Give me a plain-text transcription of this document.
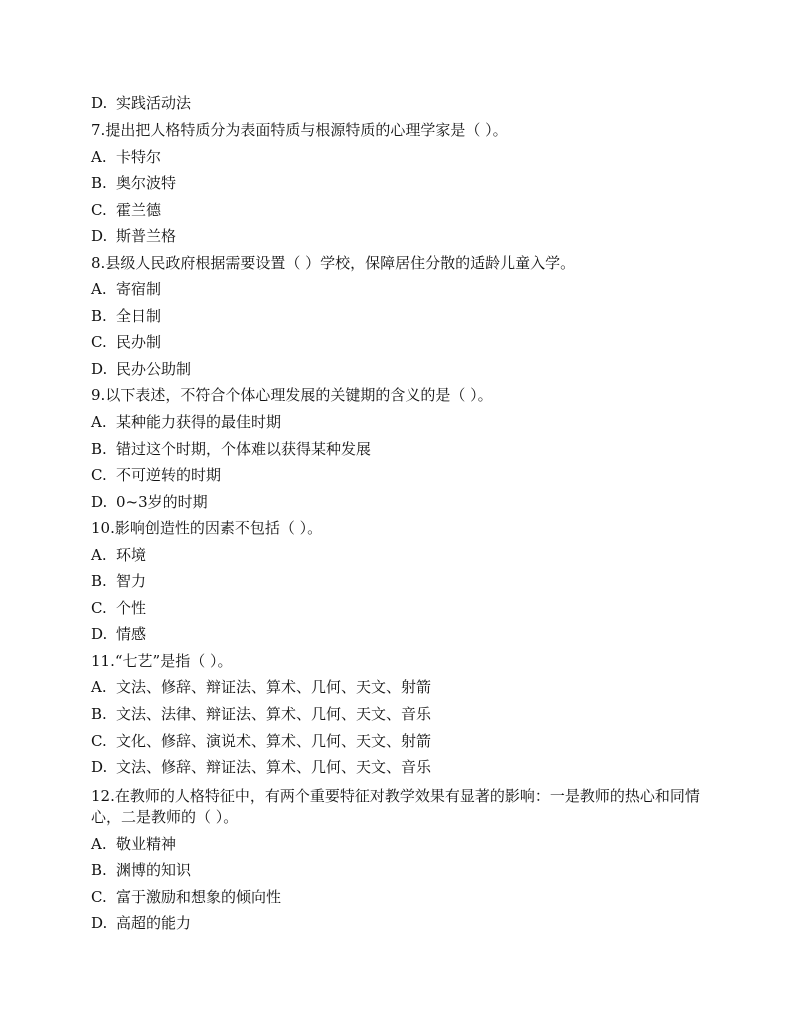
D. 实践活动法
7.提出把人格特质分为表面特质与根源特质的心理学家是（ ）。
A. 卡特尔
B. 奥尔波特
C. 霍兰德
D. 斯普兰格
8.县级人民政府根据需要设置（ ）学校，保障居住分散的适龄儿童入学。
A. 寄宿制
B. 全日制
C. 民办制
D. 民办公助制
9.以下表述，不符合个体心理发展的关键期的含义的是（ ）。
A. 某种能力获得的最佳时期
B. 错过这个时期，个体难以获得某种发展
C. 不可逆转的时期
D. 0~3岁的时期
10.影响创造性的因素不包括（ ）。
A. 环境
B. 智力
C. 个性
D. 情感
11.“七艺”是指（ ）。
A. 文法、修辞、辩证法、算术、几何、天文、射箭
B. 文法、法律、辩证法、算术、几何、天文、音乐
C. 文化、修辞、演说术、算术、几何、天文、射箭
D. 文法、修辞、辩证法、算术、几何、天文、音乐
12.在教师的人格特征中，有两个重要特征对教学效果有显著的影响：一是教师的热心和同情心，二是教师的（ ）。
A. 敬业精神
B. 渊博的知识
C. 富于激励和想象的倾向性
D. 高超的能力
